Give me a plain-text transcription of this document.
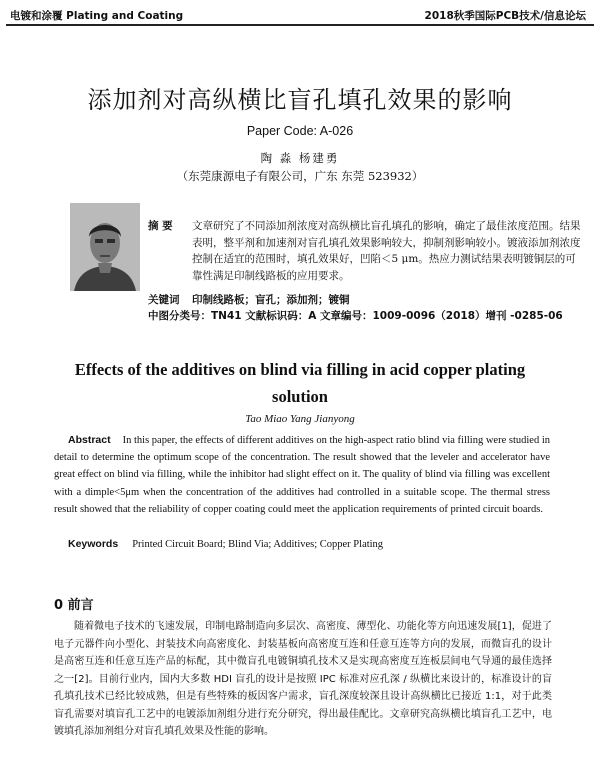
电镀和涂覆 Plating and Coating	2018秋季国际PCB技术/信息论坛
添加剂对高纵横比盲孔填孔效果的影响
Paper Code: A-026
陶 淼 杨建勇
（东莞康源电子有限公司，广东 东莞 523932）
摘 要 文章研究了不同添加剂浓度对高纵横比盲孔填孔的影响，确定了最佳浓度范围。结果表明，整平剂和加速剂对盲孔填孔效果影响较大，抑制剂影响较小。镀液添加剂浓度控制在适宜的范围时，填孔效果好，凹陷＜5 μm。热应力测试结果表明镀铜层的可靠性满足印制线路板的应用要求。
关键词 印制线路板；盲孔；添加剂；镀铜
中图分类号：TN41 文献标识码：A 文章编号：1009-0096（2018）增刊 -0285-06
Effects of the additives on blind via filling in acid copper plating solution
Tao Miao Yang Jianyong
Abstract In this paper, the effects of different additives on the high-aspect ratio blind via filling were studied in detail to determine the optimum scope of the concentration. The result showed that the leveler and accelerator have great effect on blind via filling, while the inhibitor had slight effect on it. The quality of blind via filling was excellent with a dimple<5μm when the concentration of the additives had controlled in a suitable scope. The thermal stress result showed that the reliability of copper coating could meet the application requirements of printed circuit boards.
Keywords Printed Circuit Board; Blind Via; Additives; Copper Plating
0 前言
随着微电子技术的飞速发展，印制电路制造向多层次、高密度、薄型化、功能化等方向迅速发展[1]，促进了电子元器件向小型化、封装技术向高密度化、封装基板向高密度互连和任意互连等方向的发展，而微盲孔的设计是高密互连和任意互连产品的标配，其中微盲孔电镀铜填孔技术又是实现高密度互连板层间电气导通的最佳选择之一[2]。目前行业内，国内大多数 HDI 盲孔的设计是按照 IPC 标准对应孔深 / 纵横比来设计的，标准设计的盲孔填孔技术已经比较成熟，但是有些特殊的板因客户需求，盲孔深度较深且设计高纵横比已接近 1:1，对于此类盲孔需要对填盲孔工艺中的电镀添加剂组分进行充分研究，得出最佳配比。文章研究高纵横比填盲孔工艺中，电镀填孔添加剂组分对盲孔填孔效果及性能的影响。
